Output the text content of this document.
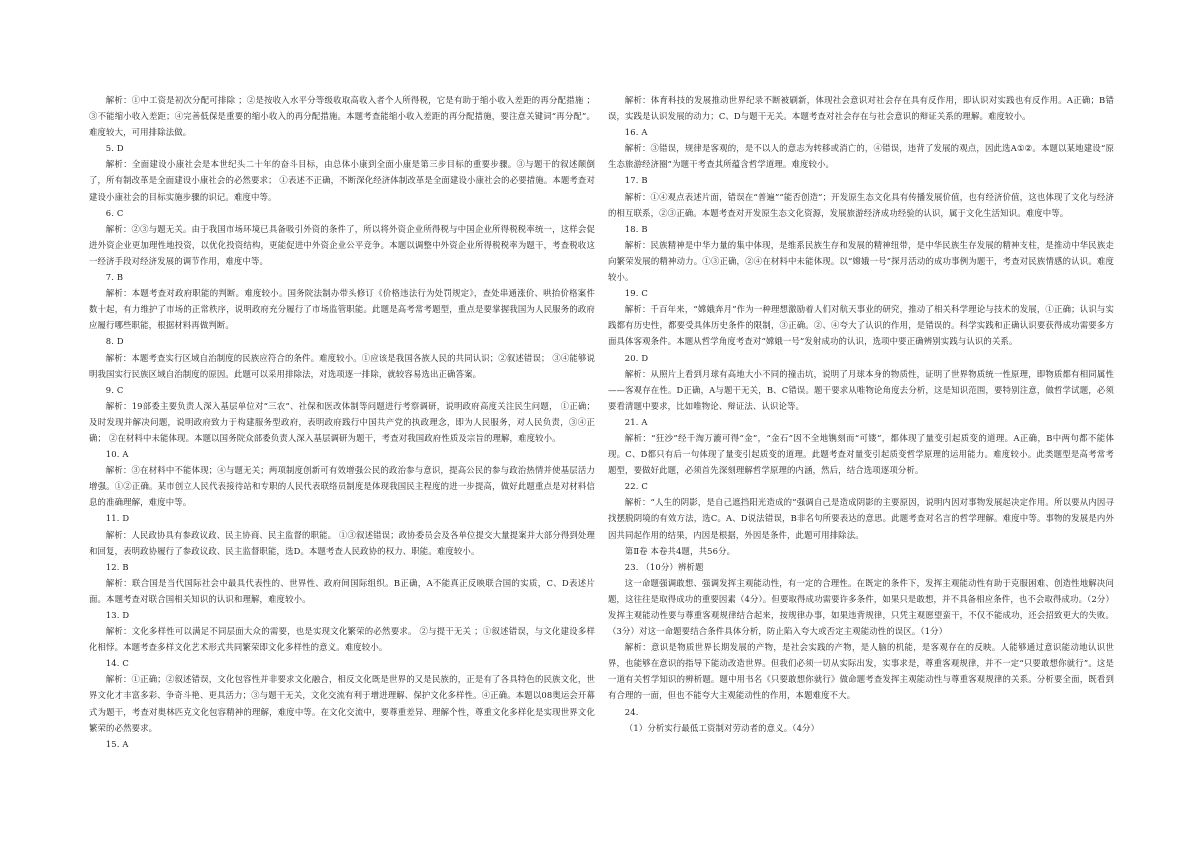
解析：①中工资是初次分配可排除 ；②是按收入水平分等级收取高收入者个人所得税，它是有助于缩小收入差距的再分配措施 ；③不能缩小收入差距；④完善低保是重要的缩小收入的再分配措施。本题考查能缩小收入差距的再分配措施，要注意关键词“再分配”。难度较大，可用排除法做。

5. D

解析：全面建设小康社会是本世纪头二十年的奋斗目标，由总体小康到全面小康是第三步目标的重要步骤。③与题干的叙述颠倒了，所有制改革是全面建设小康社会的必然要求； ①表述不正确，不断深化经济体制改革是全面建设小康社会的必要措施。本题考查对建设小康社会的目标实施步骤的识记。难度中等。

6. C

解析：②③与题无关。由于我国市场环境已具备吸引外资的条件了，所以将外资企业所得税与中国企业所得税税率统一，这样会促进外资企业更加理性地投资，以优化投资结构，更能促进中外资企业公平竞争。本题以调整中外资企业所得税税率为题干，考查税收这一经济手段对经济发展的调节作用，难度中等。

7. B

解析：本题考查对政府职能的判断。难度较小。国务院法制办带头修订《价格违法行为处罚规定》，查处串通涨价、哄抬价格案件数十起，有力维护了市场的正常秩序，说明政府充分履行了市场监管职能。此题是高考常考题型，重点是要掌握我国为人民服务的政府应履行哪些职能，根据材料再做判断。

8. D

解析：本题考查实行区域自治制度的民族应符合的条件。难度较小。①应该是我国各族人民的共同认识；②叙述错误； ③④能够说明我国实行民族区域自治制度的原因。此题可以采用排除法，对选项逐一排除，就较容易选出正确答案。

9. C

解析：19部委主要负责人深入基层单位对“三农”、社保和医改体制等问题进行考察调研，说明政府高度关注民生问题， ①正确；及时发现并解决问题，说明政府致力于构建服务型政府，表明政府践行中国共产党的执政理念，即为人民服务，对人民负责，③④正确； ②在材料中未能体现。本题以国务院众部委负责人深入基层调研为题干，考查对我国政府性质及宗旨的理解，难度较小。

10. A

解析：③在材料中不能体现；④与题无关；两项制度创新可有效增强公民的政治参与意识，提高公民的参与政治热情并使基层活力增强。①②正确。某市创立人民代表接待站和专职的人民代表联络员制度是体现我国民主程度的进一步提高，做好此题重点是对材料信息的准确理解，难度中等。

11. D

解析：人民政协具有参政议政、民主协商、民主监督的职能。 ①③叙述错误；政协委员会及各单位提交大量提案并大部分得到处理和回复，表明政协履行了参政议政、民主监督职能，选D。本题考查人民政协的权力、职能。难度较小。

12. B

解析：联合国是当代国际社会中最具代表性的、世界性、政府间国际组织。B正确，A不能真正反映联合国的实质，C、D表述片面。本题考查对联合国相关知识的认识和理解，难度较小。

13. D

解析：文化多样性可以满足不同层面大众的需要，也是实现文化繁荣的必然要求。 ②与提干无关 ；①叙述错误，与文化建设多样化相悖。本题考查多样文化艺术形式共同繁荣即文化多样性的意义。难度较小。

14. C

解析：①正确；②叙述错误，文化包容性并非要求文化融合，相反文化既是世界的又是民族的，正是有了各具特色的民族文化，世界文化才丰富多彩、争奇斗艳、更具活力；③与题干无关，文化交流有利于增进理解、保护文化多样性。④正确。本题以08奥运会开幕式为题干，考查对奥林匹克文化包容精神的理解，难度中等。在文化交流中，要尊重差异、理解个性，尊重文化多样化是实现世界文化繁荣的必然要求。

15. A

解析：体育科技的发展推动世界纪录不断被刷新，体现社会意识对社会存在具有反作用，即认识对实践也有反作用。A正确；B错误，实践是认识发展的动力；C、D与题干无关。本题考查对社会存在与社会意识的辩证关系的理解。难度较小。

16. A

解析：③错误，规律是客观的，是不以人的意志为转移或消亡的，④错误，违背了发展的观点，因此选A①②。本题以某地建设“原生态旅游经济圈”为题干考查其所蕴含哲学道理。难度较小。

17. B

解析：①④观点表述片面，错误在“普遍”“能否创造”；开发原生态文化具有传播发展价值，也有经济价值，这也体现了文化与经济的相互联系，②③正确。本题考查对开发原生态文化资源，发展旅游经济成功经验的认识，属于文化生活知识。难度中等。

18. B

解析：民族精神是中华力量的集中体现，是维系民族生存和发展的精神纽带，是中华民族生存发展的精神支柱，是推动中华民族走向繁荣发展的精神动力。①③正确，②④在材料中未能体现。以“嫦娥一号”探月活动的成功事例为题干，考查对民族情感的认识。难度较小。

19. C

解析：千百年来，“嫦娥奔月”作为一种理想激励着人们对航天事业的研究，推动了相关科学理论与技术的发展，①正确；认识与实践都有历史性，都要受具体历史条件的限制，③正确。②、④夸大了认识的作用，是错误的。科学实践和正确认识要获得成功需要多方面具体客观条件。本题从哲学角度考查对“嫦娥一号”发射成功的认识，选项中要正确辨别实践与认识的关系。

20. D

解析：从照片上看到月球有高地大小不同的撞击坑，说明了月球本身的物质性，证明了世界物质统一性原理，即物质都有相同属性——客观存在性。D正确，A与题干无关，B、C错误。题干要求从唯物论角度去分析，这是知识范围，要特别注意，做哲学试题，必须要看清题中要求，比如唯物论、辩证法、认识论等。

21. A

解析：“狂沙”经千淘万漉可得“金”，“金石”因不全地镌刻而“可镂”，都体现了量变引起质变的道理。A正确，B中两句都不能体现。C、D都只有后一句体现了量变引起质变的道理。此题考查对量变引起质变哲学原理的运用能力。难度较小。此类题型是高考常考题型，要做好此题，必须首先深刻理解哲学原理的内涵，然后，结合选项逐项分析。

22. C

解析：“人生的阴影，是自己遮挡阳光造成的”强调自己是造成阴影的主要原因，说明内因对事物发展起决定作用。所以要从内因寻找摆脱阴境的有效方法，选C。A、D说法错误，B非名句所要表达的意思。此题考查对名言的哲学理解。难度中等。事物的发展是内外因共同起作用的结果，内因是根据，外因是条件，此题可用排除法。

第Ⅱ卷 本卷共4题，共56分。

23. （10分）辨析题

这一命题强调敢想、强调发挥主观能动性，有一定的合理性。在既定的条件下，发挥主观能动性有助于克服困难、创造性地解决问题，这往往是取得成功的重要因素（4分）。但要取得成功需要许多条件，如果只是敢想，并不具备相应条件，也不会取得成功。（2分）发挥主观能动性要与尊重客观规律结合起来，按规律办事，如果违背规律，只凭主观愿望蛮干，不仅不能成功，还会招致更大的失败。（3分）对这一命题要结合条件具体分析，防止陷入夸大或否定主观能动性的误区。（1分）

解析：意识是物质世界长期发展的产物，是社会实践的产物，是人脑的机能，是客观存在的反映。人能够通过意识能动地认识世界，也能够在意识的指导下能动改造世界。但我们必须一切从实际出发，实事求是，尊重客观规律，并不一定“只要敢想你就行”。这是一道有关哲学知识的辨析题。题中用书名《只要敢想你就行》做命题考查发挥主观能动性与尊重客观规律的关系。分析要全面，既看到有合理的一面，但也不能夸大主观能动性的作用，本题难度不大。

24.

（1）分析实行最低工资制对劳动者的意义。（4分）
